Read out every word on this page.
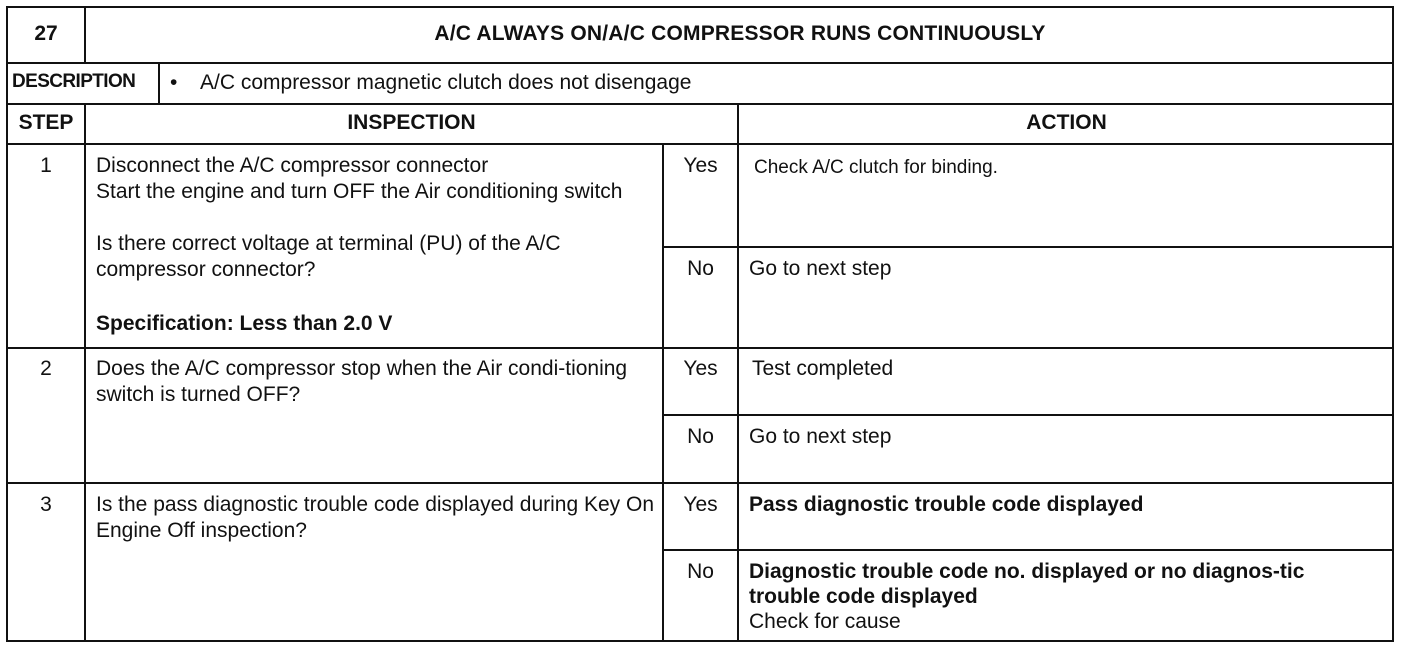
27	A/C ALWAYS ON/A/C COMPRESSOR RUNS CONTINUOUSLY
DESCRIPTION • A/C compressor magnetic clutch does not disengage
STEP	INSPECTION	ACTION
1	Disconnect the A/C compressor connector
Start the engine and turn OFF the Air conditioning switch
Is there correct voltage at terminal (PU) of the A/C compressor connector?
Specification: Less than 2.0 V
Yes	Check A/C clutch for binding.
No	Go to next step
2	Does the A/C compressor stop when the Air condi-tioning switch is turned OFF?
Yes	Test completed
No	Go to next step
3	Is the pass diagnostic trouble code displayed during Key On Engine Off inspection?
Yes	Pass diagnostic trouble code displayed
No	Diagnostic trouble code no. displayed or no diagnos-tic trouble code displayed
Check for cause
